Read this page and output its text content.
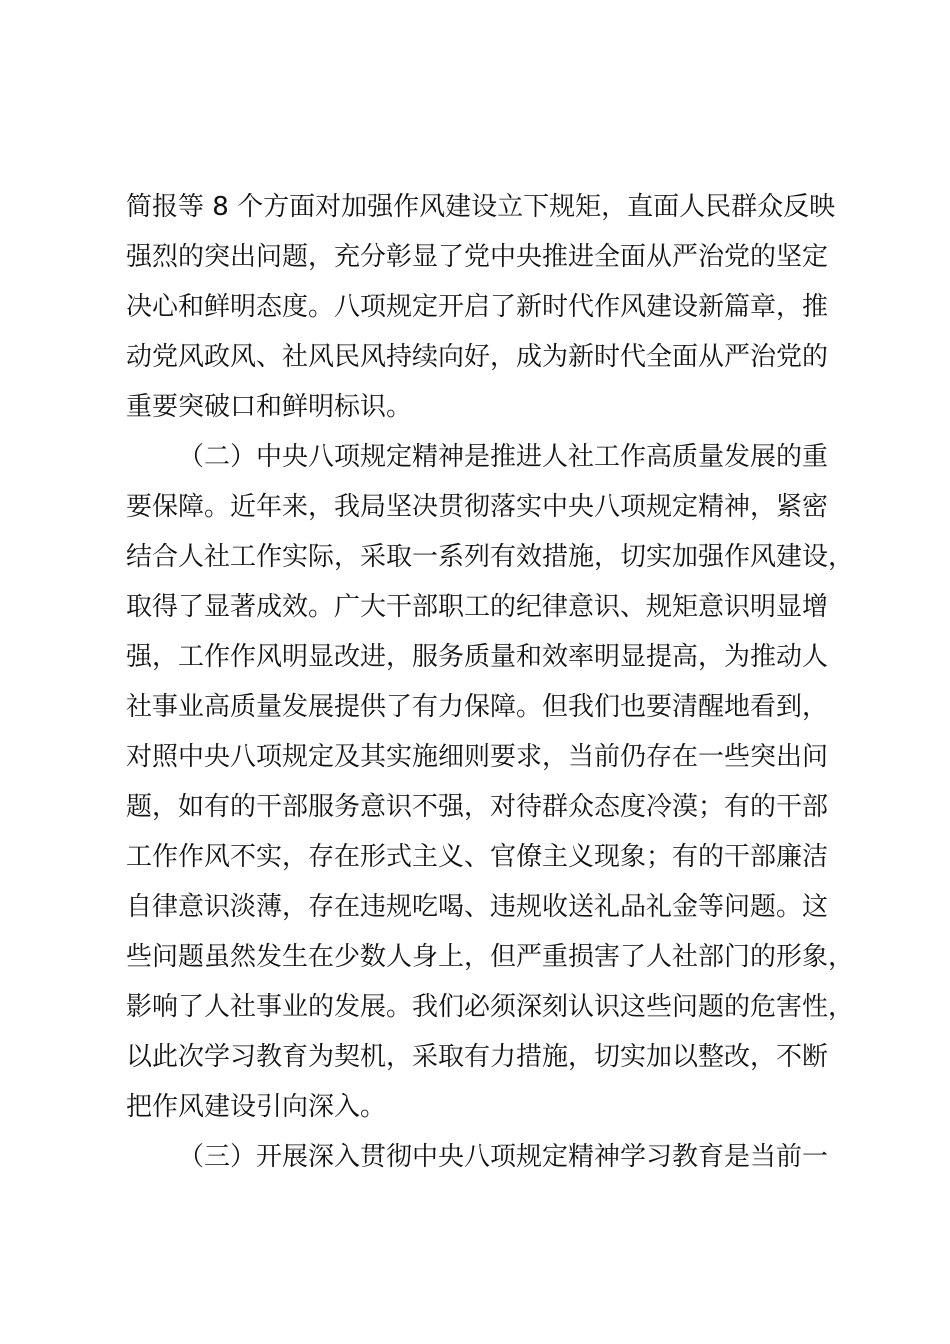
简报等 8 个方面对加强作风建设立下规矩，直面人民群众反映
强烈的突出问题，充分彰显了党中央推进全面从严治党的坚定
决心和鲜明态度。八项规定开启了新时代作风建设新篇章，推
动党风政风、社风民风持续向好，成为新时代全面从严治党的
重要突破口和鲜明标识。
（二）中央八项规定精神是推进人社工作高质量发展的重
要保障。近年来，我局坚决贯彻落实中央八项规定精神，紧密
结合人社工作实际，采取一系列有效措施，切实加强作风建设，
取得了显著成效。广大干部职工的纪律意识、规矩意识明显增
强，工作作风明显改进，服务质量和效率明显提高，为推动人
社事业高质量发展提供了有力保障。但我们也要清醒地看到，
对照中央八项规定及其实施细则要求，当前仍存在一些突出问
题，如有的干部服务意识不强，对待群众态度冷漠；有的干部
工作作风不实，存在形式主义、官僚主义现象；有的干部廉洁
自律意识淡薄，存在违规吃喝、违规收送礼品礼金等问题。这
些问题虽然发生在少数人身上，但严重损害了人社部门的形象，
影响了人社事业的发展。我们必须深刻认识这些问题的危害性，
以此次学习教育为契机，采取有力措施，切实加以整改，不断
把作风建设引向深入。
（三）开展深入贯彻中央八项规定精神学习教育是当前一
